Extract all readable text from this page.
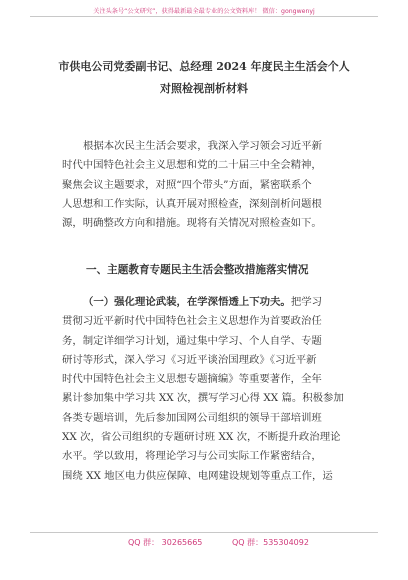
关注头条号“公文研究”，获得最新最全最专业的公文资料库！ 微信：gongwenyj
市供电公司党委副书记、总经理 2024 年度民主生活会个人
对照检视剖析材料
根据本次民主生活会要求，我深入学习领会习近平新
时代中国特色社会主义思想和党的二十届三中全会精神，
聚焦会议主题要求，对照“四个带头”方面，紧密联系个
人思想和工作实际，认真开展对照检查，深刻剖析问题根
源，明确整改方向和措施。现将有关情况对照检查如下。
一、主题教育专题民主生活会整改措施落实情况
（一）强化理论武装，在学深悟透上下功夫。把学习
贯彻习近平新时代中国特色社会主义思想作为首要政治任
务，制定详细学习计划，通过集中学习、个人自学、专题
研讨等形式，深入学习《习近平谈治国理政》《习近平新
时代中国特色社会主义思想专题摘编》等重要著作，全年
累计参加集中学习共 XX 次，撰写学习心得 XX 篇。积极参加
各类专题培训，先后参加国网公司组织的领导干部培训班
XX 次，省公司组织的专题研讨班 XX 次，不断提升政治理论
水平。学以致用，将理论学习与公司实际工作紧密结合，
围绕 XX 地区电力供应保障、电网建设规划等重点工作，运
QQ 群： 30265665	QQ 群：535304092
